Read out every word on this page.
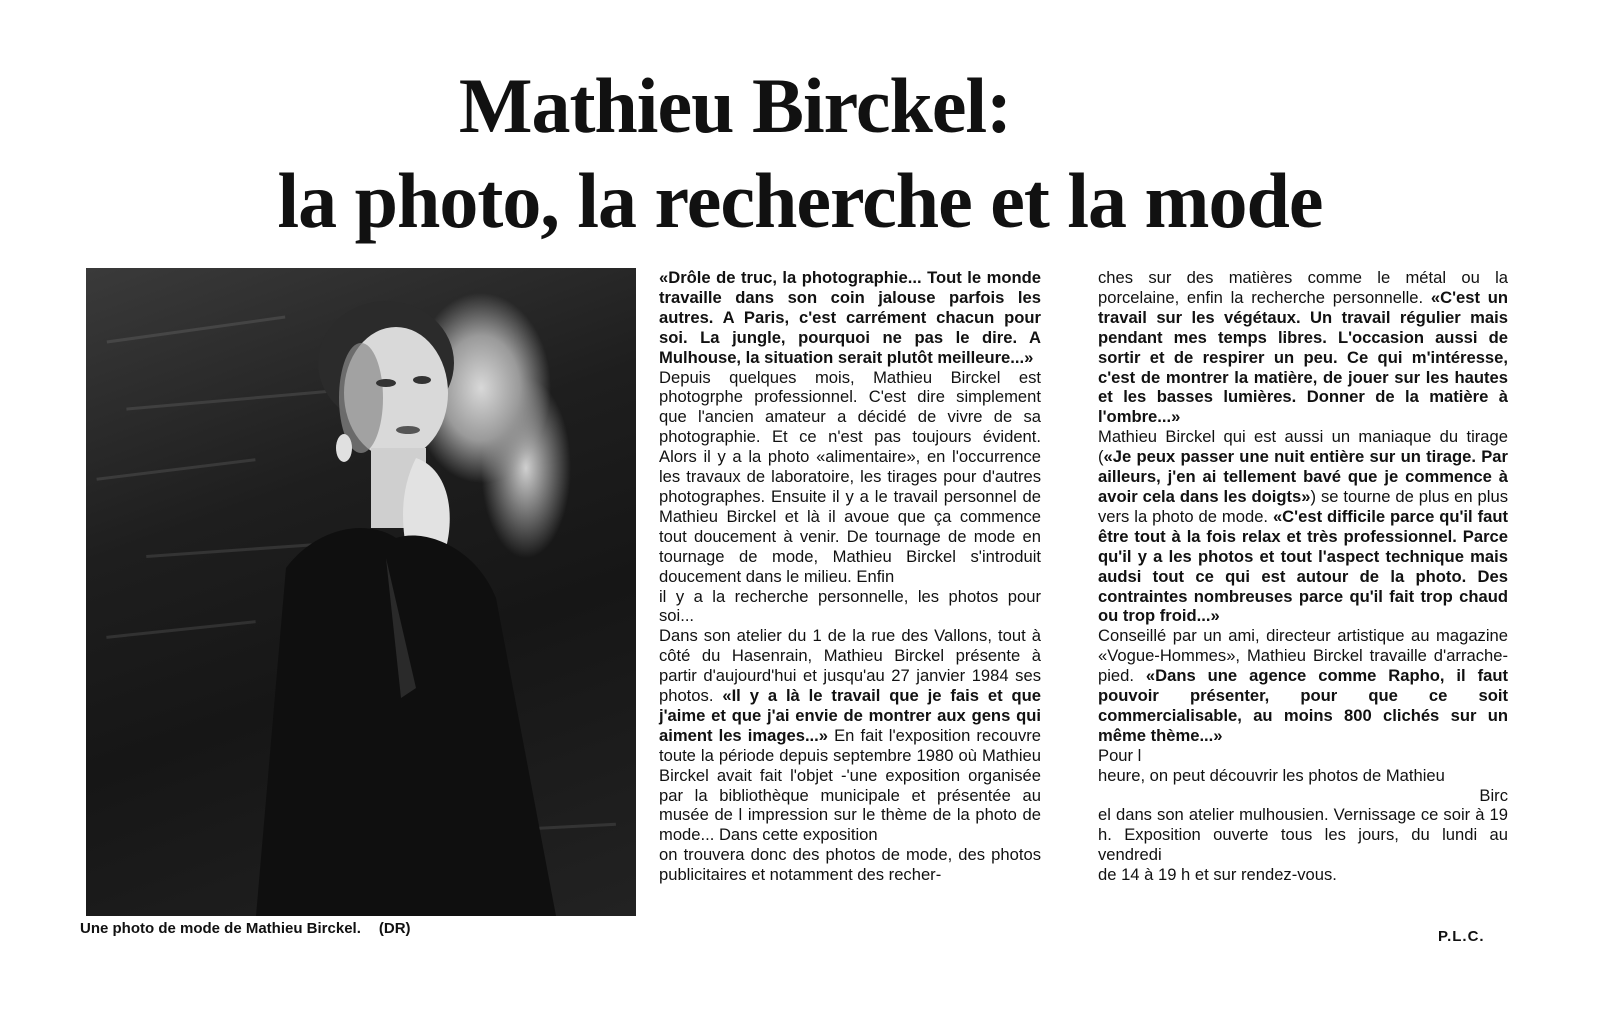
Mathieu Birckel:
la photo, la recherche et la mode
Une photo de mode de Mathieu Birckel. (DR)

«Drôle de truc, la photographie... Tout le monde travaille dans son coin jalouse parfois les autres. A Paris, c'est carrément chacun pour soi. La jungle, pourquoi ne pas le dire. A Mulhouse, la situation serait plutôt meilleure...»

Depuis quelques mois, Mathieu Birckel est photogrphe professionnel. C'est dire simplement que l'ancien amateur a décidé de vivre de sa photographie. Et ce n'est pas toujours évident. Alors il y a la photo «alimentaire», en l'occurrence les travaux de laboratoire, les tirages pour d'autres photographes. Ensuite il y a le travail personnel de Mathieu Birckel et là il avoue que ça commence tout doucement à venir. De tournage de mode en tournage de mode, Mathieu Birckel s'introduit doucement dans le milieu. Enfin

il y a la recherche personnelle, les photos pour soi...

Dans son atelier du 1 de la rue des Vallons, tout à côté du Hasenrain, Mathieu Birckel présente à partir d'aujourd'hui et jusqu'au 27 janvier 1984 ses photos. «Il y a là le travail que je fais et que j'aime et que j'ai envie de montrer aux gens qui aiment les images...» En fait l'exposition recouvre toute la période depuis septembre 1980 où Mathieu Birckel avait fait l'objet -'une exposition organisée par la bibliothèque municipale et présentée au musée de l impression sur le thème de la photo de mode... Dans cette exposition

on trouvera donc des photos de mode, des photos publicitaires et notamment des recher-

ches sur des matières comme le métal ou la porcelaine, enfin la recherche personnelle. «C'est un travail sur les végétaux. Un travail régulier mais pendant mes temps libres. L'occasion aussi de sortir et de respirer un peu. Ce qui m'intéresse, c'est de montrer la matière, de jouer sur les hautes et les basses lumières. Donner de la matière à l'ombre...»

Mathieu Birckel qui est aussi un maniaque du tirage («Je peux passer une nuit entière sur un tirage. Par ailleurs, j'en ai tellement bavé que je commence à avoir cela dans les doigts») se tourne de plus en plus vers la photo de mode. «C'est difficile parce qu'il faut être tout à la fois relax et très professionnel. Parce qu'il y a les photos et tout l'aspect technique mais audsi tout ce qui est autour de la photo. Des contraintes nombreuses parce qu'il fait trop chaud ou trop froid...»

Conseillé par un ami, directeur artistique au magazine «Vogue-Hommes», Mathieu Birckel travaille d'arrache-pied. «Dans une agence comme Rapho, il faut pouvoir présenter, pour que ce soit commercialisable, au moins 800 clichés sur un même thème...»

Pour l

heure, on peut découvrir les photos de Mathieu

Birc

el dans son atelier mulhousien. Vernissage ce soir à 19 h. Exposition ouverte tous les jours, du lundi au vendredi

de 14 à 19 h et sur rendez-vous.

P.L.C.
